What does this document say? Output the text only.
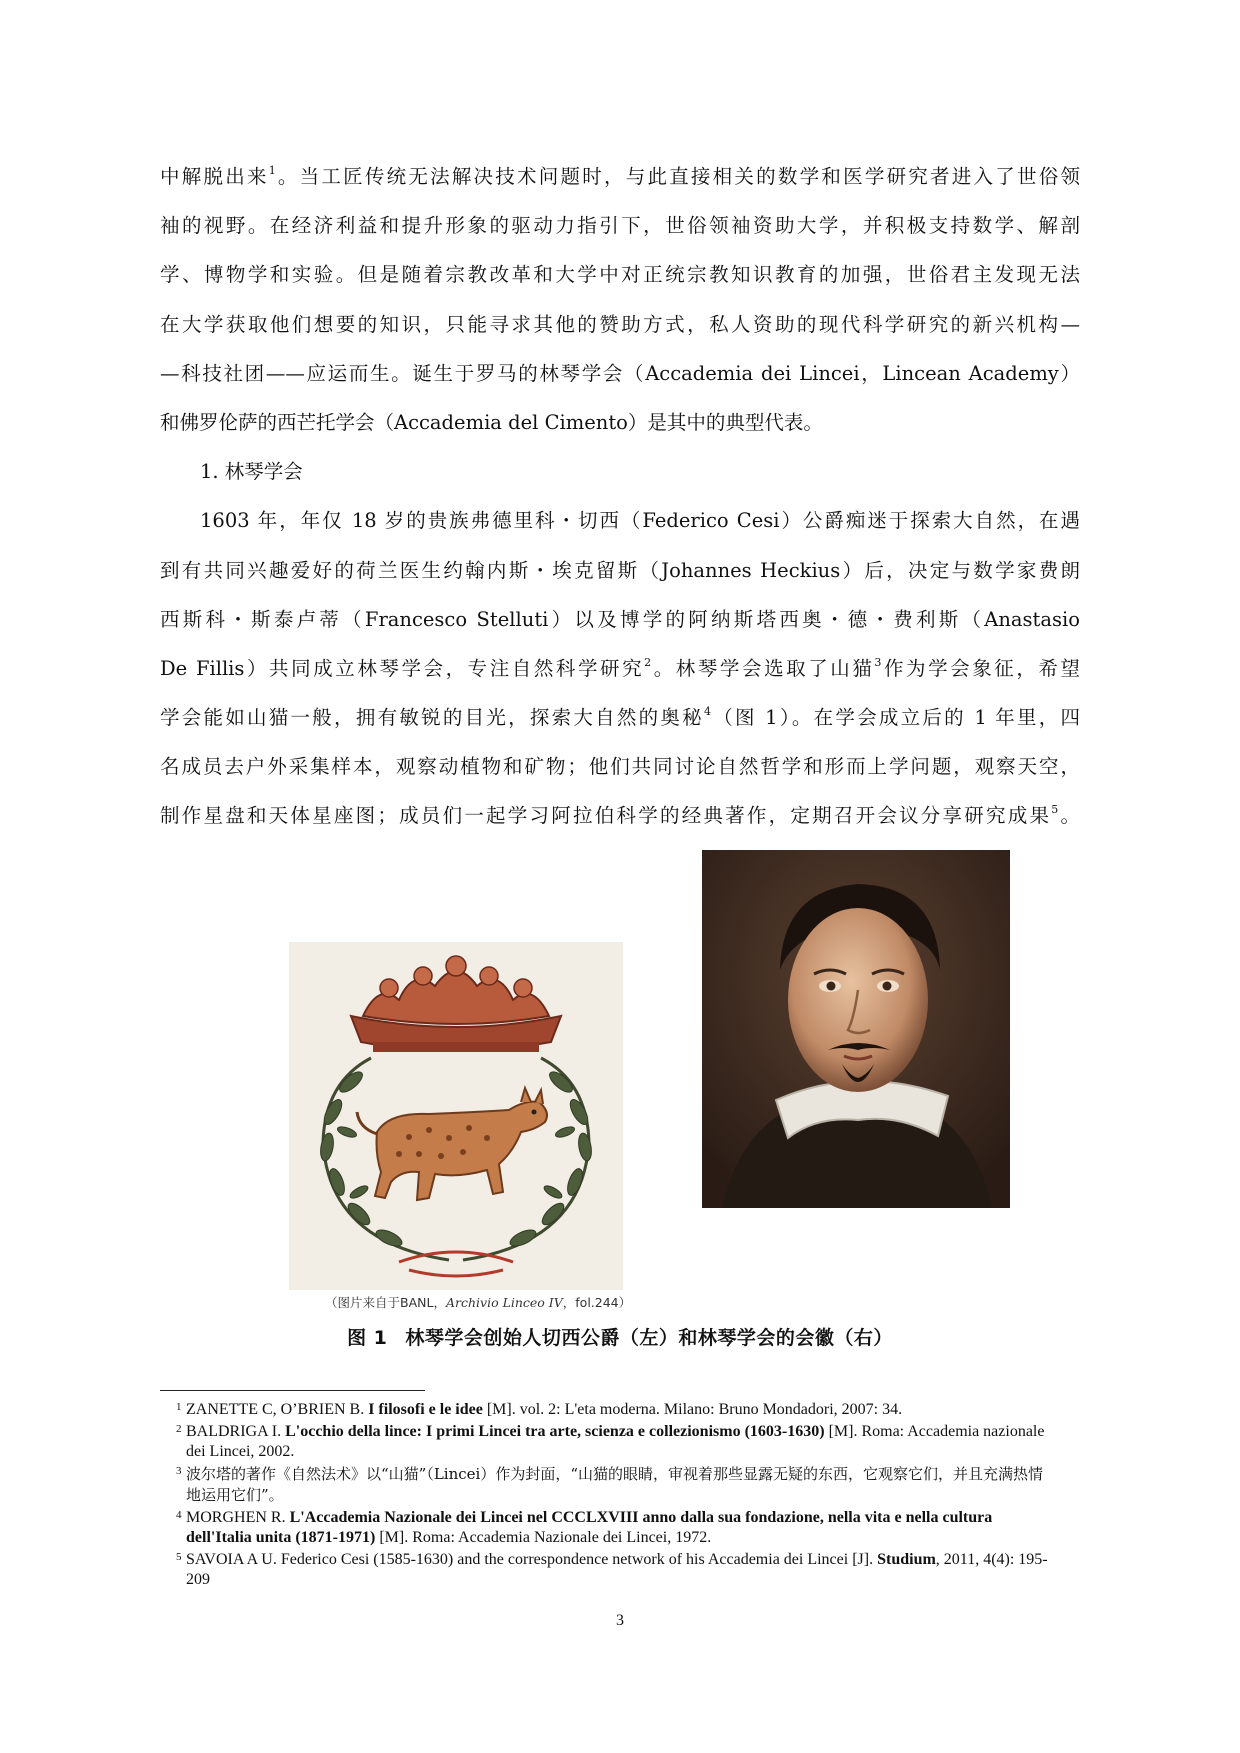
中解脱出来$^1$。当工匠传统无法解决技术问题时，与此直接相关的数学和医学研究者进入了世俗领
袖的视野。在经济利益和提升形象的驱动力指引下，世俗领袖资助大学，并积极支持数学、解剖
学、博物学和实验。但是随着宗教改革和大学中对正统宗教知识教育的加强，世俗君主发现无法
在大学获取他们想要的知识，只能寻求其他的赞助方式，私人资助的现代科学研究的新兴机构—
—科技社团——应运而生。诞生于罗马的林琴学会（Accademia dei Lincei，Lincean Academy）
和佛罗伦萨的西芒托学会（Accademia del Cimento）是其中的典型代表。
1. 林琴学会
1603 年，年仅 18 岁的贵族弗德里科・切西（Federico Cesi）公爵痴迷于探索大自然，在遇
到有共同兴趣爱好的荷兰医生约翰内斯・埃克留斯（Johannes Heckius）后，决定与数学家费朗
西斯科・斯泰卢蒂（Francesco Stelluti）以及博学的阿纳斯塔西奥・德・费利斯（Anastasio
De Fillis）共同成立林琴学会，专注自然科学研究$^2$。林琴学会选取了山猫$^3$作为学会象征，希望
学会能如山猫一般，拥有敏锐的目光，探索大自然的奥秘$^4$（图 1）。在学会成立后的 1 年里，四
名成员去户外采集样本，观察动植物和矿物；他们共同讨论自然哲学和形而上学问题，观察天空，
制作星盘和天体星座图；成员们一起学习阿拉伯科学的经典著作，定期召开会议分享研究成果$^5$。
（图片来自于BANL，Archivio Linceo IV，fol.244）
图 1 林琴学会创始人切西公爵（左）和林琴学会的会徽（右）
1 ZANETTE C, O’BRIEN B. I filosofi e le idee [M]. vol. 2: L'eta moderna. Milano: Bruno Mondadori, 2007: 34.
2 BALDRIGA I. L'occhio della lince: I primi Lincei tra arte, scienza e collezionismo (1603-1630) [M]. Roma: Accademia nazionale dei Lincei, 2002.
3 波尔塔的著作《自然法术》以“山猫”（Lincei）作为封面，“山猫的眼睛，审视着那些显露无疑的东西，它观察它们，并且充满热情地运用它们”。
4 MORGHEN R. L'Accademia Nazionale dei Lincei nel CCCLXVIII anno dalla sua fondazione, nella vita e nella cultura dell'Italia unita (1871-1971) [M]. Roma: Accademia Nazionale dei Lincei, 1972.
5 SAVOIA A U. Federico Cesi (1585-1630) and the correspondence network of his Accademia dei Lincei [J]. Studium, 2011, 4(4): 195-209
3
